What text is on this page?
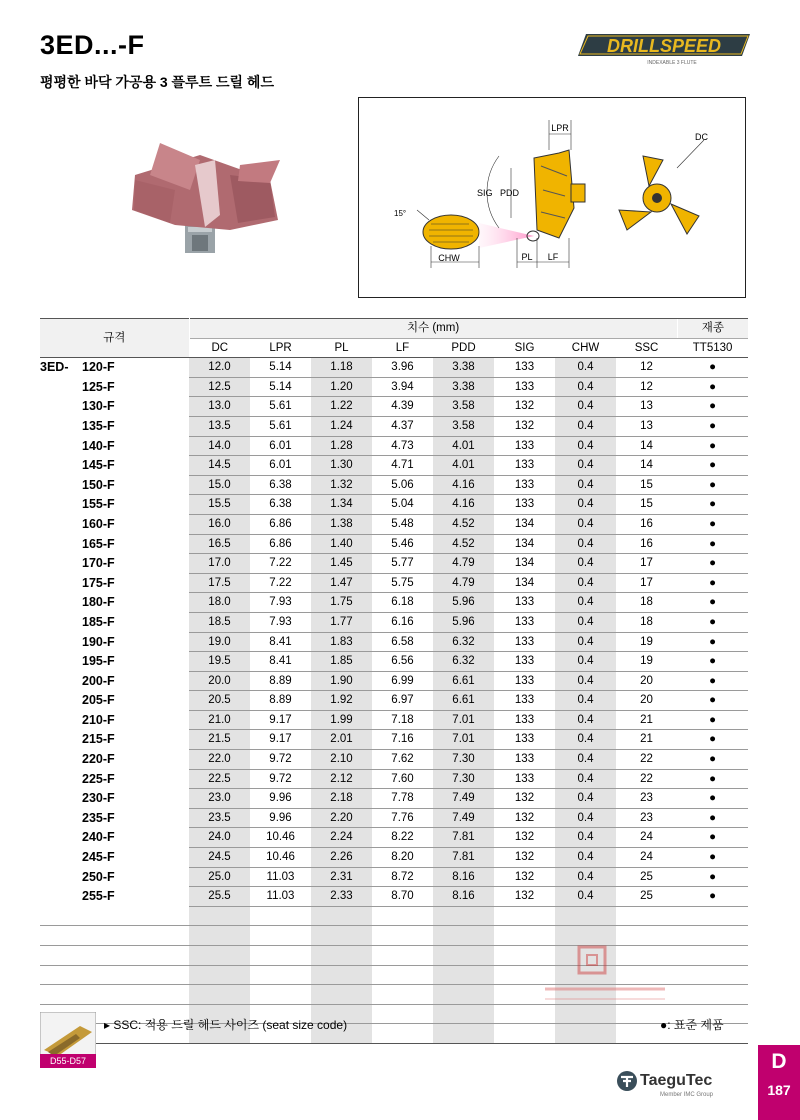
3ED...-F
평평한 바닥 가공용 3 플루트 드릴 헤드
DRILLSPEED
INDEXABLE 3 FLUTE
LPR
SIG PDD
15°
CHW	PL LF
DC
규격	치수 (mm)								재종
	DC	LPR	PL	LF	PDD	SIG	CHW	SSC	TT5130
3ED- 120-F	12.0	5.14	1.18	3.96	3.38	133	0.4	12	●
125-F	12.5	5.14	1.20	3.94	3.38	133	0.4	12	●
130-F	13.0	5.61	1.22	4.39	3.58	132	0.4	13	●
135-F	13.5	5.61	1.24	4.37	3.58	132	0.4	13	●
140-F	14.0	6.01	1.28	4.73	4.01	133	0.4	14	●
145-F	14.5	6.01	1.30	4.71	4.01	133	0.4	14	●
150-F	15.0	6.38	1.32	5.06	4.16	133	0.4	15	●
155-F	15.5	6.38	1.34	5.04	4.16	133	0.4	15	●
160-F	16.0	6.86	1.38	5.48	4.52	134	0.4	16	●
165-F	16.5	6.86	1.40	5.46	4.52	134	0.4	16	●
170-F	17.0	7.22	1.45	5.77	4.79	134	0.4	17	●
175-F	17.5	7.22	1.47	5.75	4.79	134	0.4	17	●
180-F	18.0	7.93	1.75	6.18	5.96	133	0.4	18	●
185-F	18.5	7.93	1.77	6.16	5.96	133	0.4	18	●
190-F	19.0	8.41	1.83	6.58	6.32	133	0.4	19	●
195-F	19.5	8.41	1.85	6.56	6.32	133	0.4	19	●
200-F	20.0	8.89	1.90	6.99	6.61	133	0.4	20	●
205-F	20.5	8.89	1.92	6.97	6.61	133	0.4	20	●
210-F	21.0	9.17	1.99	7.18	7.01	133	0.4	21	●
215-F	21.5	9.17	2.01	7.16	7.01	133	0.4	21	●
220-F	22.0	9.72	2.10	7.62	7.30	133	0.4	22	●
225-F	22.5	9.72	2.12	7.60	7.30	133	0.4	22	●
230-F	23.0	9.96	2.18	7.78	7.49	132	0.4	23	●
235-F	23.5	9.96	2.20	7.76	7.49	132	0.4	23	●
240-F	24.0	10.46	2.24	8.22	7.81	132	0.4	24	●
245-F	24.5	10.46	2.26	8.20	7.81	132	0.4	24	●
250-F	25.0	11.03	2.31	8.72	8.16	132	0.4	25	●
255-F	25.5	11.03	2.33	8.70	8.16	132	0.4	25	●

D55-D57
▸ SSC: 적용 드릴 헤드 사이즈 (seat size code)	●: 표준 제품
TaeguTec
Member IMC Group
D
187
